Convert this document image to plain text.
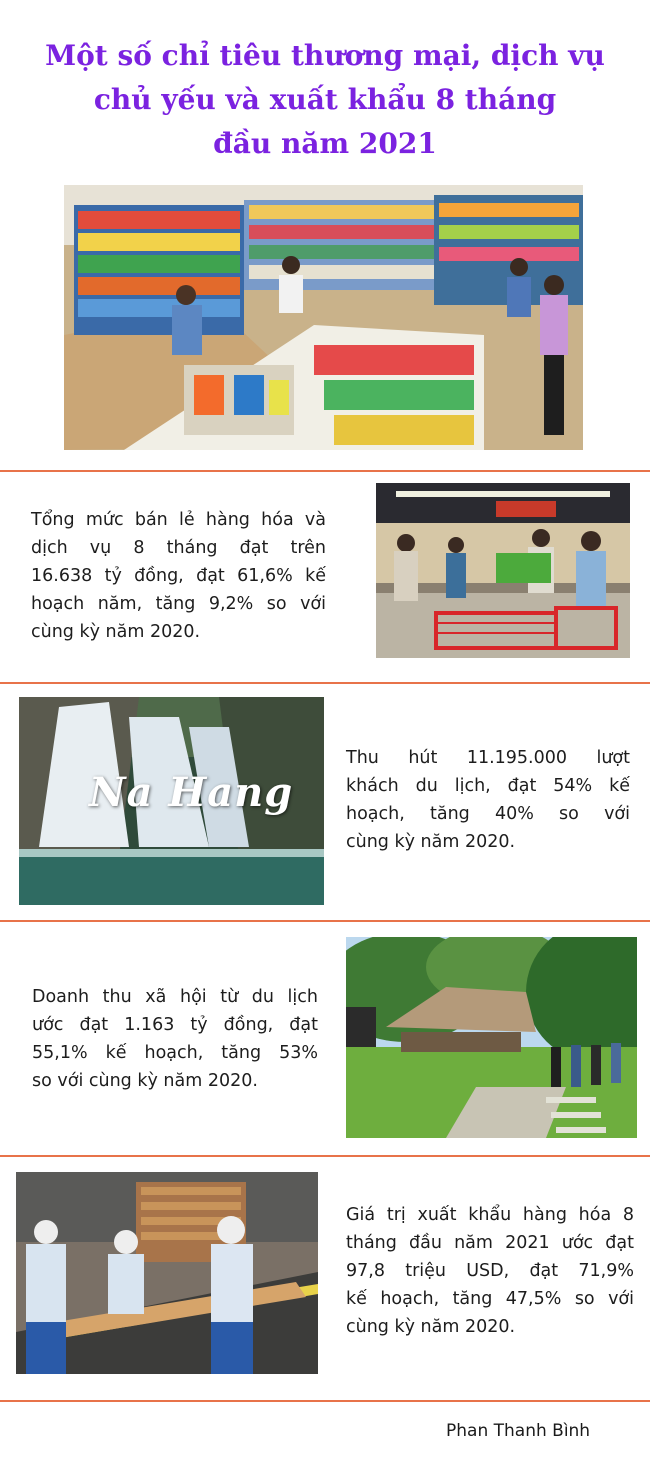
Một số chỉ tiêu thương mại, dịch vụ
chủ yếu và xuất khẩu 8 tháng
đầu năm 2021
Tổng mức bán lẻ hàng hóa và
dịch vụ 8 tháng đạt trên
16.638 tỷ đồng, đạt 61,6% kế
hoạch năm, tăng 9,2% so với
cùng kỳ năm 2020.
Na Hang
Thu hút 11.195.000 lượt
khách du lịch, đạt 54% kế
hoạch, tăng 40% so với
cùng kỳ năm 2020.
Doanh thu xã hội từ du lịch
ước đạt 1.163 tỷ đồng, đạt
55,1% kế hoạch, tăng 53%
so với cùng kỳ năm 2020.
Giá trị xuất khẩu hàng hóa 8
tháng đầu năm 2021 ước đạt
97,8 triệu USD, đạt 71,9%
kế hoạch, tăng 47,5% so với
cùng kỳ năm 2020.
Phan Thanh Bình
